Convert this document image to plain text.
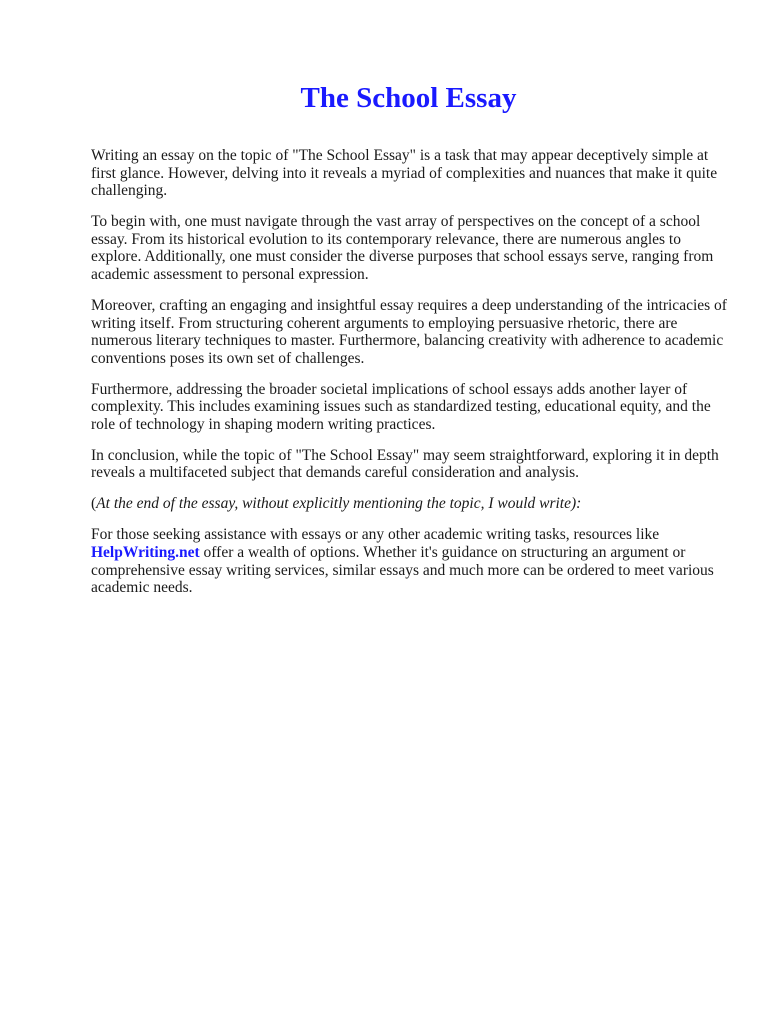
The School Essay

Writing an essay on the topic of "The School Essay" is a task that may appear deceptively simple at first glance. However, delving into it reveals a myriad of complexities and nuances that make it quite challenging.

To begin with, one must navigate through the vast array of perspectives on the concept of a school essay. From its historical evolution to its contemporary relevance, there are numerous angles to explore. Additionally, one must consider the diverse purposes that school essays serve, ranging from academic assessment to personal expression.

Moreover, crafting an engaging and insightful essay requires a deep understanding of the intricacies of writing itself. From structuring coherent arguments to employing persuasive rhetoric, there are numerous literary techniques to master. Furthermore, balancing creativity with adherence to academic conventions poses its own set of challenges.

Furthermore, addressing the broader societal implications of school essays adds another layer of complexity. This includes examining issues such as standardized testing, educational equity, and the role of technology in shaping modern writing practices.

In conclusion, while the topic of "The School Essay" may seem straightforward, exploring it in depth reveals a multifaceted subject that demands careful consideration and analysis.

(At the end of the essay, without explicitly mentioning the topic, I would write):

For those seeking assistance with essays or any other academic writing tasks, resources like HelpWriting.net offer a wealth of options. Whether it's guidance on structuring an argument or comprehensive essay writing services, similar essays and much more can be ordered to meet various academic needs.
